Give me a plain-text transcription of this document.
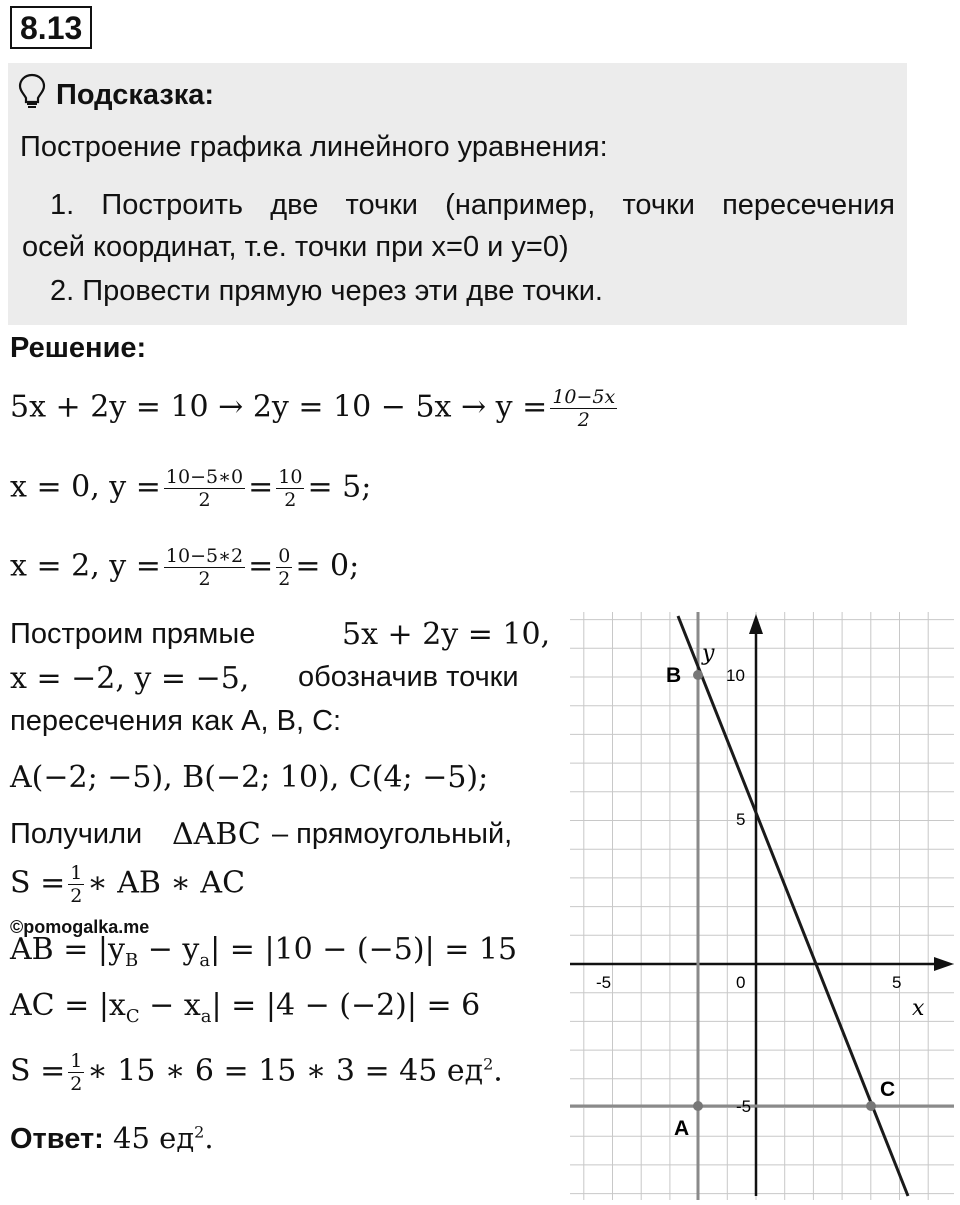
8.13
Подсказка:
Построение графика линейного уравнения:
1. Построить две точки (например, точки пересечения
осей координат, т.е. точки при x=0 и y=0)
2. Провести прямую через эти две точки.
Решение:
$5x + 2y = 10 \to 2y = 10 - 5x \to y = \frac{10-5x}{2}$
x = 0, $y = \frac{10-5∗0}{2} = \frac{10}{2} = 5$;
x = 2, $y = \frac{10-5∗2}{2} = \frac{0}{2} = 0$;
Построим прямые	5x + 2y = 10,
x = −2, y = −5, обозначив точки
пересечения как А, В, С:
A(−2; −5), B(−2; 10), C(4; −5);
Получили ΔABC – прямоугольный,
$S = \frac{1}{2}$ ∗ AB ∗ AC
©pomogalka.me
AB = $|y_B - y_a| = |10 - (-5)| = 15$
AC = $|x_C - x_a| = |4 - (-2)| = 6$
$S = \frac{1}{2}$ ∗ 15 ∗ 6 = 15 ∗ 3 = 45 $ед^2$.
Ответ: 45 $ед^2$.
x
y
-5	0	5
10
5
-5
B
A
C
